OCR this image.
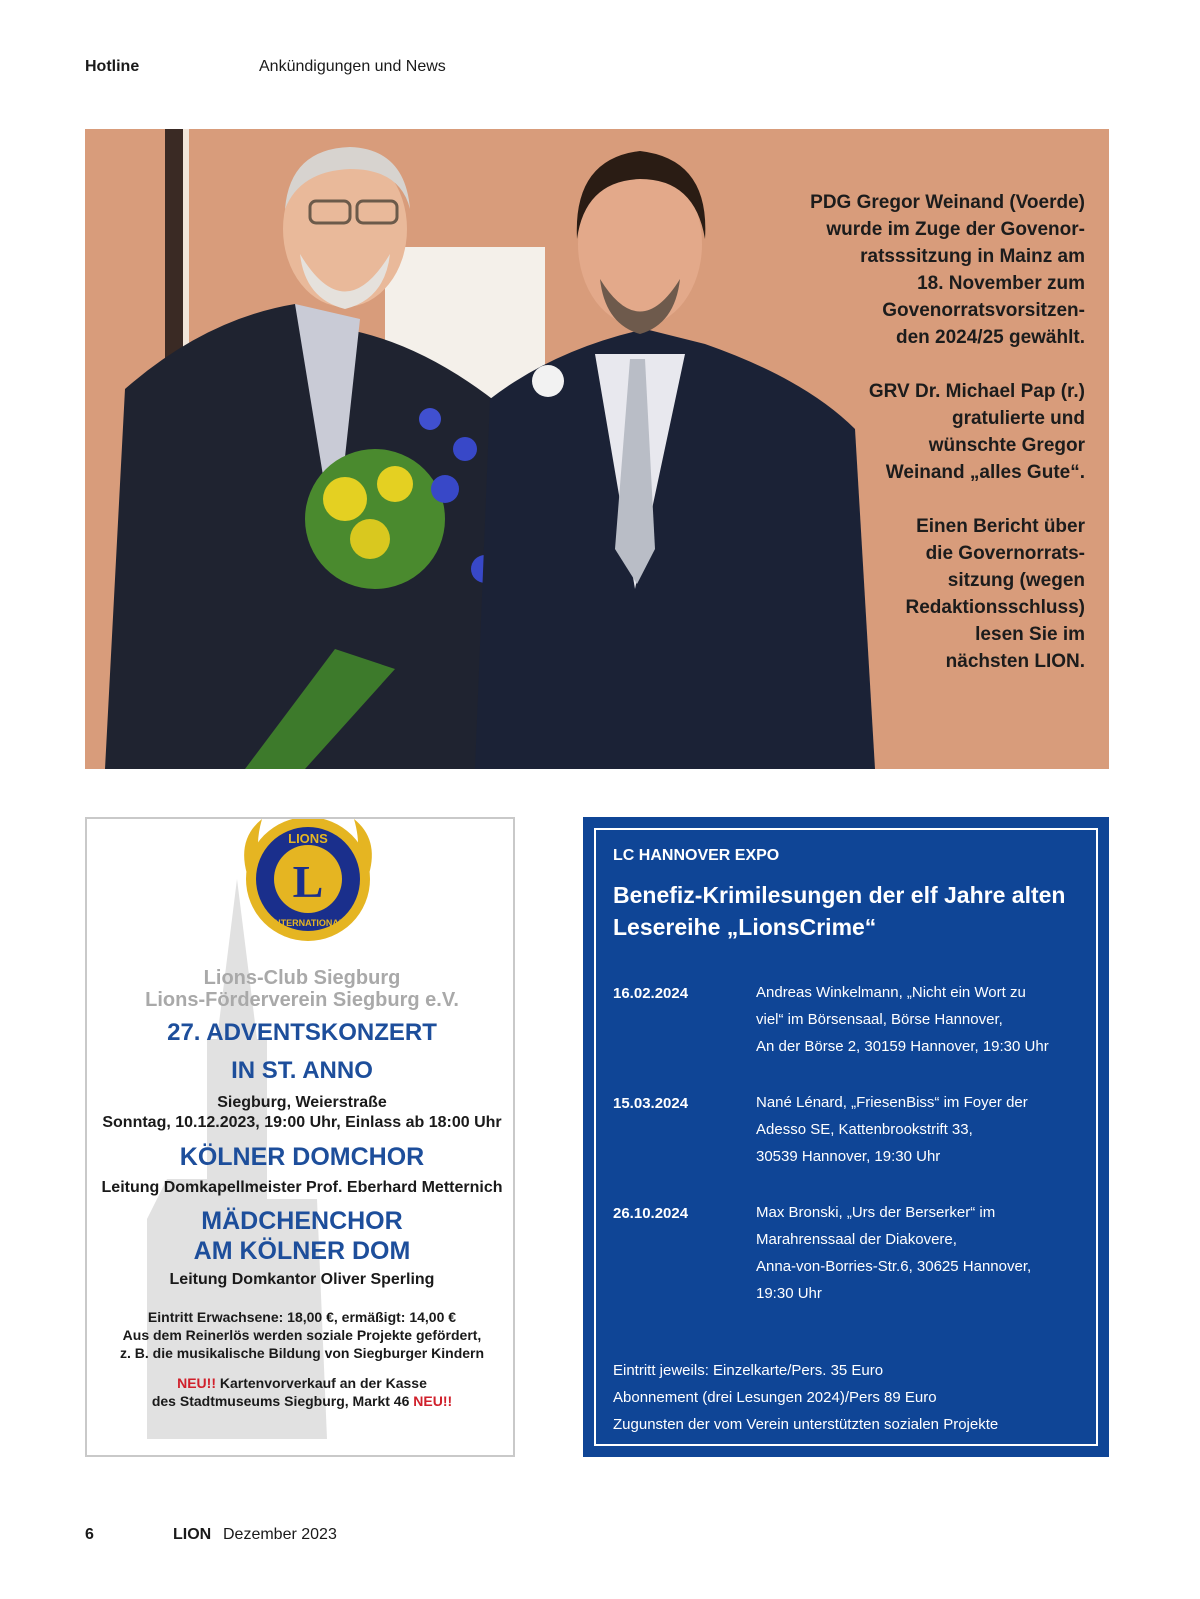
Hotline	Ankündigungen und News

PDG Gregor Weinand (Voerde)
wurde im Zuge der Govenor-
ratsssitzung in Mainz am
18. November zum
Govenorratsvorsitzen-
den 2024/25 gewählt.

GRV Dr. Michael Pap (r.)
gratulierte und
wünschte Gregor
Weinand „alles Gute“.

Einen Bericht über
die Governorrats-
sitzung (wegen
Redaktionsschluss)
lesen Sie im
nächsten LION.

L
LIONS
INTERNATIONAL
Lions-Club Siegburg
Lions-Förderverein Siegburg e.V.
27. ADVENTSKONZERT
IN ST. ANNO
Siegburg, Weierstraße
Sonntag, 10.12.2023, 19:00 Uhr, Einlass ab 18:00 Uhr
KÖLNER DOMCHOR
Leitung Domkapellmeister Prof. Eberhard Metternich
MÄDCHENCHOR
AM KÖLNER DOM
Leitung Domkantor Oliver Sperling
Eintritt Erwachsene: 18,00 €, ermäßigt: 14,00 €
Aus dem Reinerlös werden soziale Projekte gefördert,
z. B. die musikalische Bildung von Siegburger Kindern
NEU!! Kartenvorverkauf an der Kasse
des Stadtmuseums Siegburg, Markt 46 NEU!!
LC HANNOVER EXPO
Benefiz-Krimilesungen der elf Jahre alten Lesereihe „LionsCrime“
16.02.2024	Andreas Winkelmann, „Nicht ein Wort zu
viel“ im Börsensaal, Börse Hannover,
An der Börse 2, 30159 Hannover, 19:30 Uhr
15.03.2024	Nané Lénard, „FriesenBiss“ im Foyer der
Adesso SE, Kattenbrookstrift 33,
30539 Hannover, 19:30 Uhr
26.10.2024	Max Bronski, „Urs der Berserker“ im
Marahrenssaal der Diakovere,
Anna-von-Borries-Str.6, 30625 Hannover,
19:30 Uhr
Eintritt jeweils: Einzelkarte/Pers. 35 Euro
Abonnement (drei Lesungen 2024)/Pers 89 Euro
Zugunsten der vom Verein unterstützten sozialen Projekte
6	LION Dezember 2023
